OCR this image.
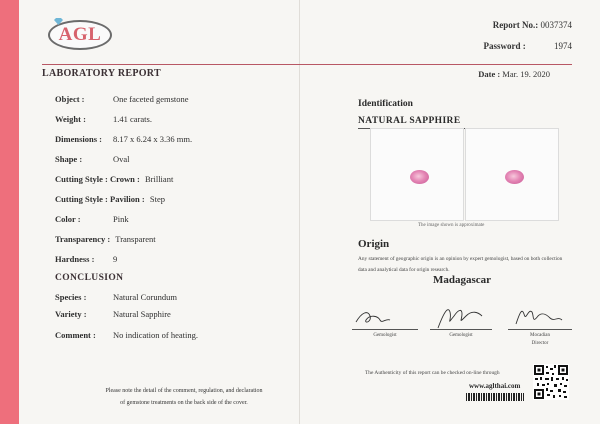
AGL	Report No.: 0037374
Password :	1974
LABORATORY REPORT	Date : Mar. 19. 2020
Object :	One faceted gemstone
Weight :	1.41 carats.
Dimensions : 8.17 x 6.24 x 3.36 mm.
Shape :	Oval
Cutting Style : Crown : Brilliant
Cutting Style : Pavilion : Step
Color :	Pink
Transparency : Transparent
Hardness : 9
CONCLUSION
Species :	Natural Corundum
Variety :	Natural Sapphire
Comment : No indication of heating.
Please note the detail of the comment, regulation, and declaration
of gemstone treatments on the back side of the cover.
Identification
NATURAL SAPPHIRE
The image shown is approximate
Origin
Any statement of geographic origin is an opinion by expert gemologist, based on both collection data and analytical data for origin research.
Madagascar
Gemologist	Gemologist	Mocadian
Director
The Authenticity of this report can be checked on-line through
www.aglthai.com
